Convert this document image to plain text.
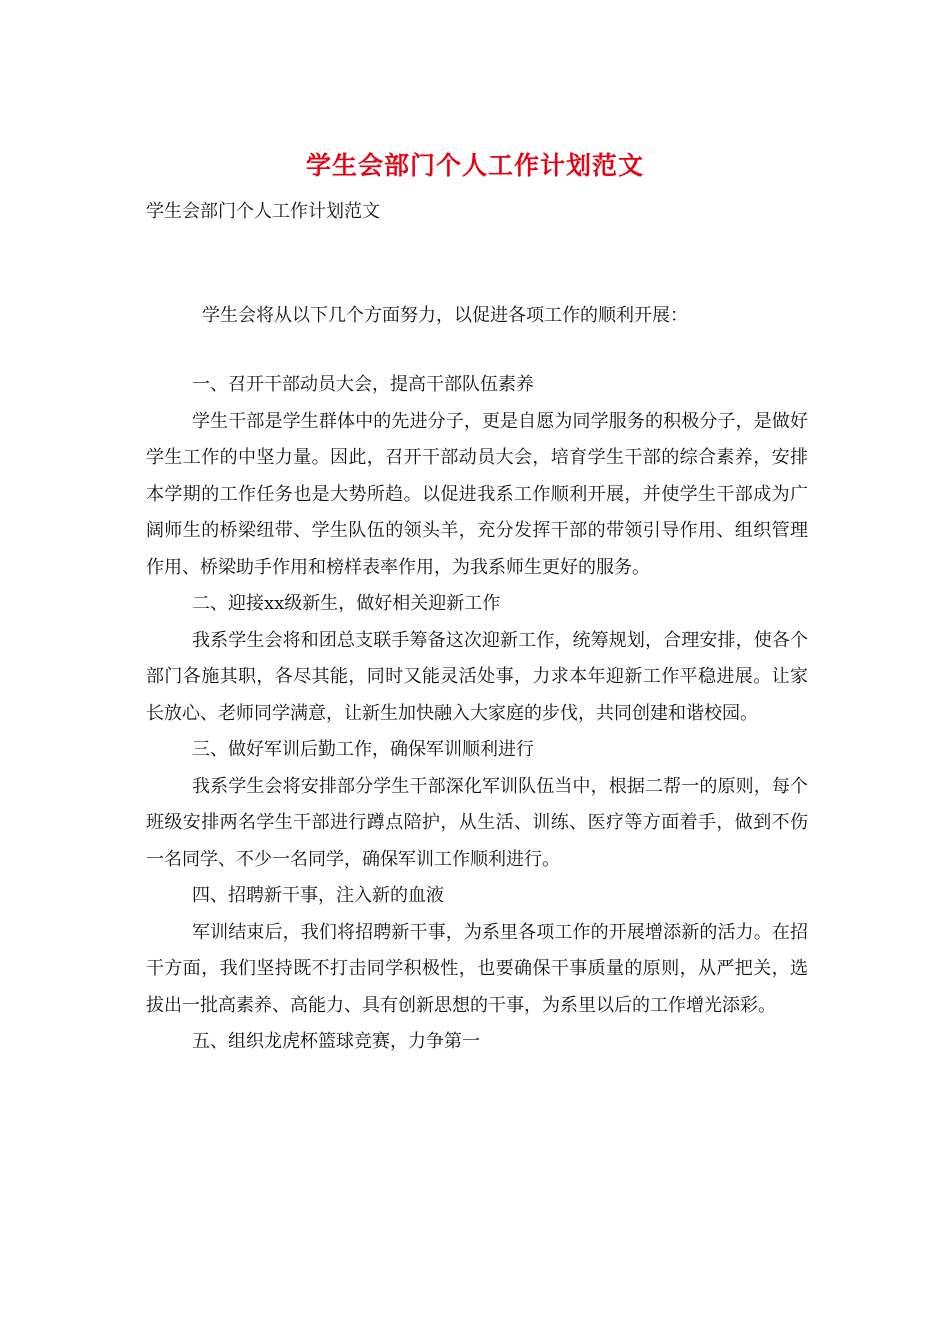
学生会部门个人工作计划范文
学生会部门个人工作计划范文
学生会将从以下几个方面努力，以促进各项工作的顺利开展：

一、召开干部动员大会，提高干部队伍素养

学生干部是学生群体中的先进分子，更是自愿为同学服务的积极分子，是做好学生工作的中坚力量。因此，召开干部动员大会，培育学生干部的综合素养，安排本学期的工作任务也是大势所趋。以促进我系工作顺利开展，并使学生干部成为广阔师生的桥梁纽带、学生队伍的领头羊，充分发挥干部的带领引导作用、组织管理作用、桥梁助手作用和榜样表率作用，为我系师生更好的服务。

二、迎接xx级新生，做好相关迎新工作

我系学生会将和团总支联手筹备这次迎新工作，统筹规划，合理安排，使各个部门各施其职，各尽其能，同时又能灵活处事，力求本年迎新工作平稳进展。让家长放心、老师同学满意，让新生加快融入大家庭的步伐，共同创建和谐校园。

三、做好军训后勤工作，确保军训顺利进行

我系学生会将安排部分学生干部深化军训队伍当中，根据二帮一的原则，每个班级安排两名学生干部进行蹲点陪护，从生活、训练、医疗等方面着手，做到不伤一名同学、不少一名同学，确保军训工作顺利进行。

四、招聘新干事，注入新的血液

军训结束后，我们将招聘新干事，为系里各项工作的开展增添新的活力。在招干方面，我们坚持既不打击同学积极性，也要确保干事质量的原则，从严把关，选拔出一批高素养、高能力、具有创新思想的干事，为系里以后的工作增光添彩。

五、组织龙虎杯篮球竞赛，力争第一
